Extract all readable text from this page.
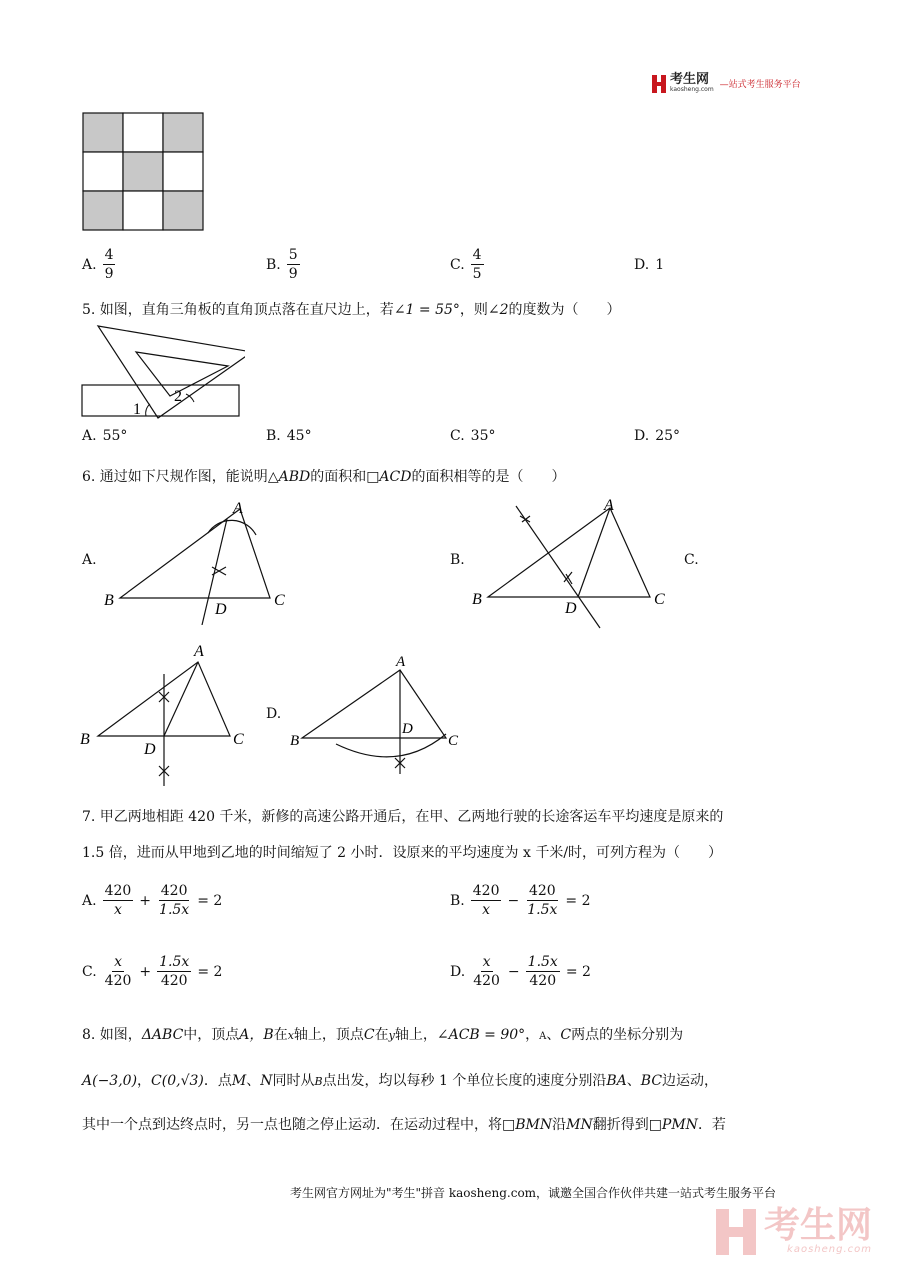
考生网
kaosheng.com —站式考生服务平台
A. $\frac{4}{9}$	B. $\frac{5}{9}$	C. $\frac{4}{5}$	D. 1
5. 如图，直角三角板的直角顶点落在直尺边上，若∠1 = 55°，则∠2的度数为（　　）
1
2
A. 55°	B. 45°	C. 35°	D. 25°
6. 通过如下尺规作图，能说明△ABD的面积和□ACD的面积相等的是（　　）
A.	B.	C.
D.
A
B	C
D
A
B	C
D
A
B	C
D
A
B	C
D
7. 甲乙两地相距 420 千米，新修的高速公路开通后，在甲、乙两地行驶的长途客运车平均速度是原来的
1.5 倍，进而从甲地到乙地的时间缩短了 2 小时．设原来的平均速度为 x 千米/时，可列方程为（　　）
A. $\frac{420}{x} + \frac{420}{1.5x} = 2$	B. $\frac{420}{x} - \frac{420}{1.5x} = 2$
C. $\frac{x}{420} + \frac{1.5x}{420} = 2$	D. $\frac{x}{420} - \frac{1.5x}{420} = 2$
8. 如图，ΔABC中，顶点A，B在x轴上，顶点C在y轴上，∠ACB = 90°，A、C两点的坐标分别为
A(−3,0)，C(0,√3)．点M、N同时从B点出发，均以每秒 1 个单位长度的速度分别沿BA、BC边运动，
其中一个点到达终点时，另一点也随之停止运动．在运动过程中，将□BMN沿MN翻折得到□PMN．若
考生网官方网址为"考生"拼音 kaosheng.com，诚邀全国合作伙伴共建一站式考生服务平台
考生网
kaosheng.com
